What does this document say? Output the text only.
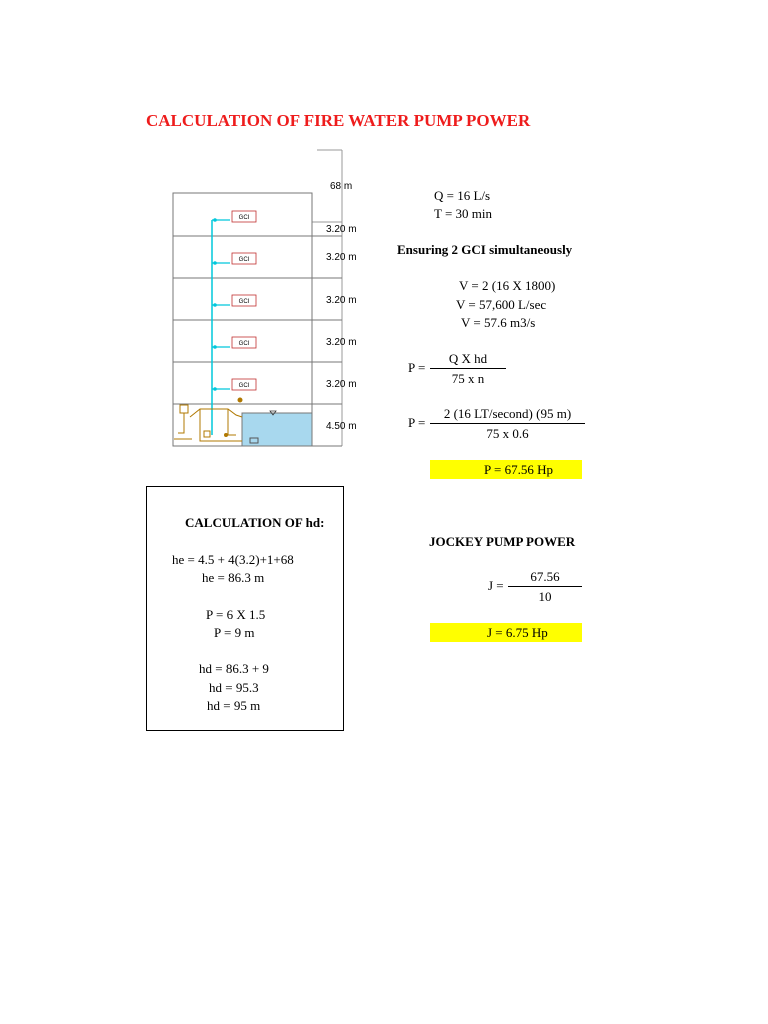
CALCULATION OF FIRE WATER PUMP POWER
GCI
GCI
GCI
GCI
GCI
68 m
3.20 m
3.20 m
3.20 m
3.20 m
3.20 m
4.50 m
Q = 16 L/s
T = 30 min
Ensuring 2 GCI simultaneously
V = 2 (16 X 1800)
V = 57,600 L/sec
V = 57.6 m3/s
P =
Q X hd
75 x n
P =
2 (16 LT/second) (95 m)
75 x 0.6
P = 67.56 Hp
CALCULATION OF hd:
he = 4.5 + 4(3.2)+1+68
he = 86.3 m
P = 6 X 1.5
P = 9 m
hd = 86.3 + 9
hd = 95.3
hd = 95 m
JOCKEY PUMP POWER
J =
67.56
10
J = 6.75 Hp
